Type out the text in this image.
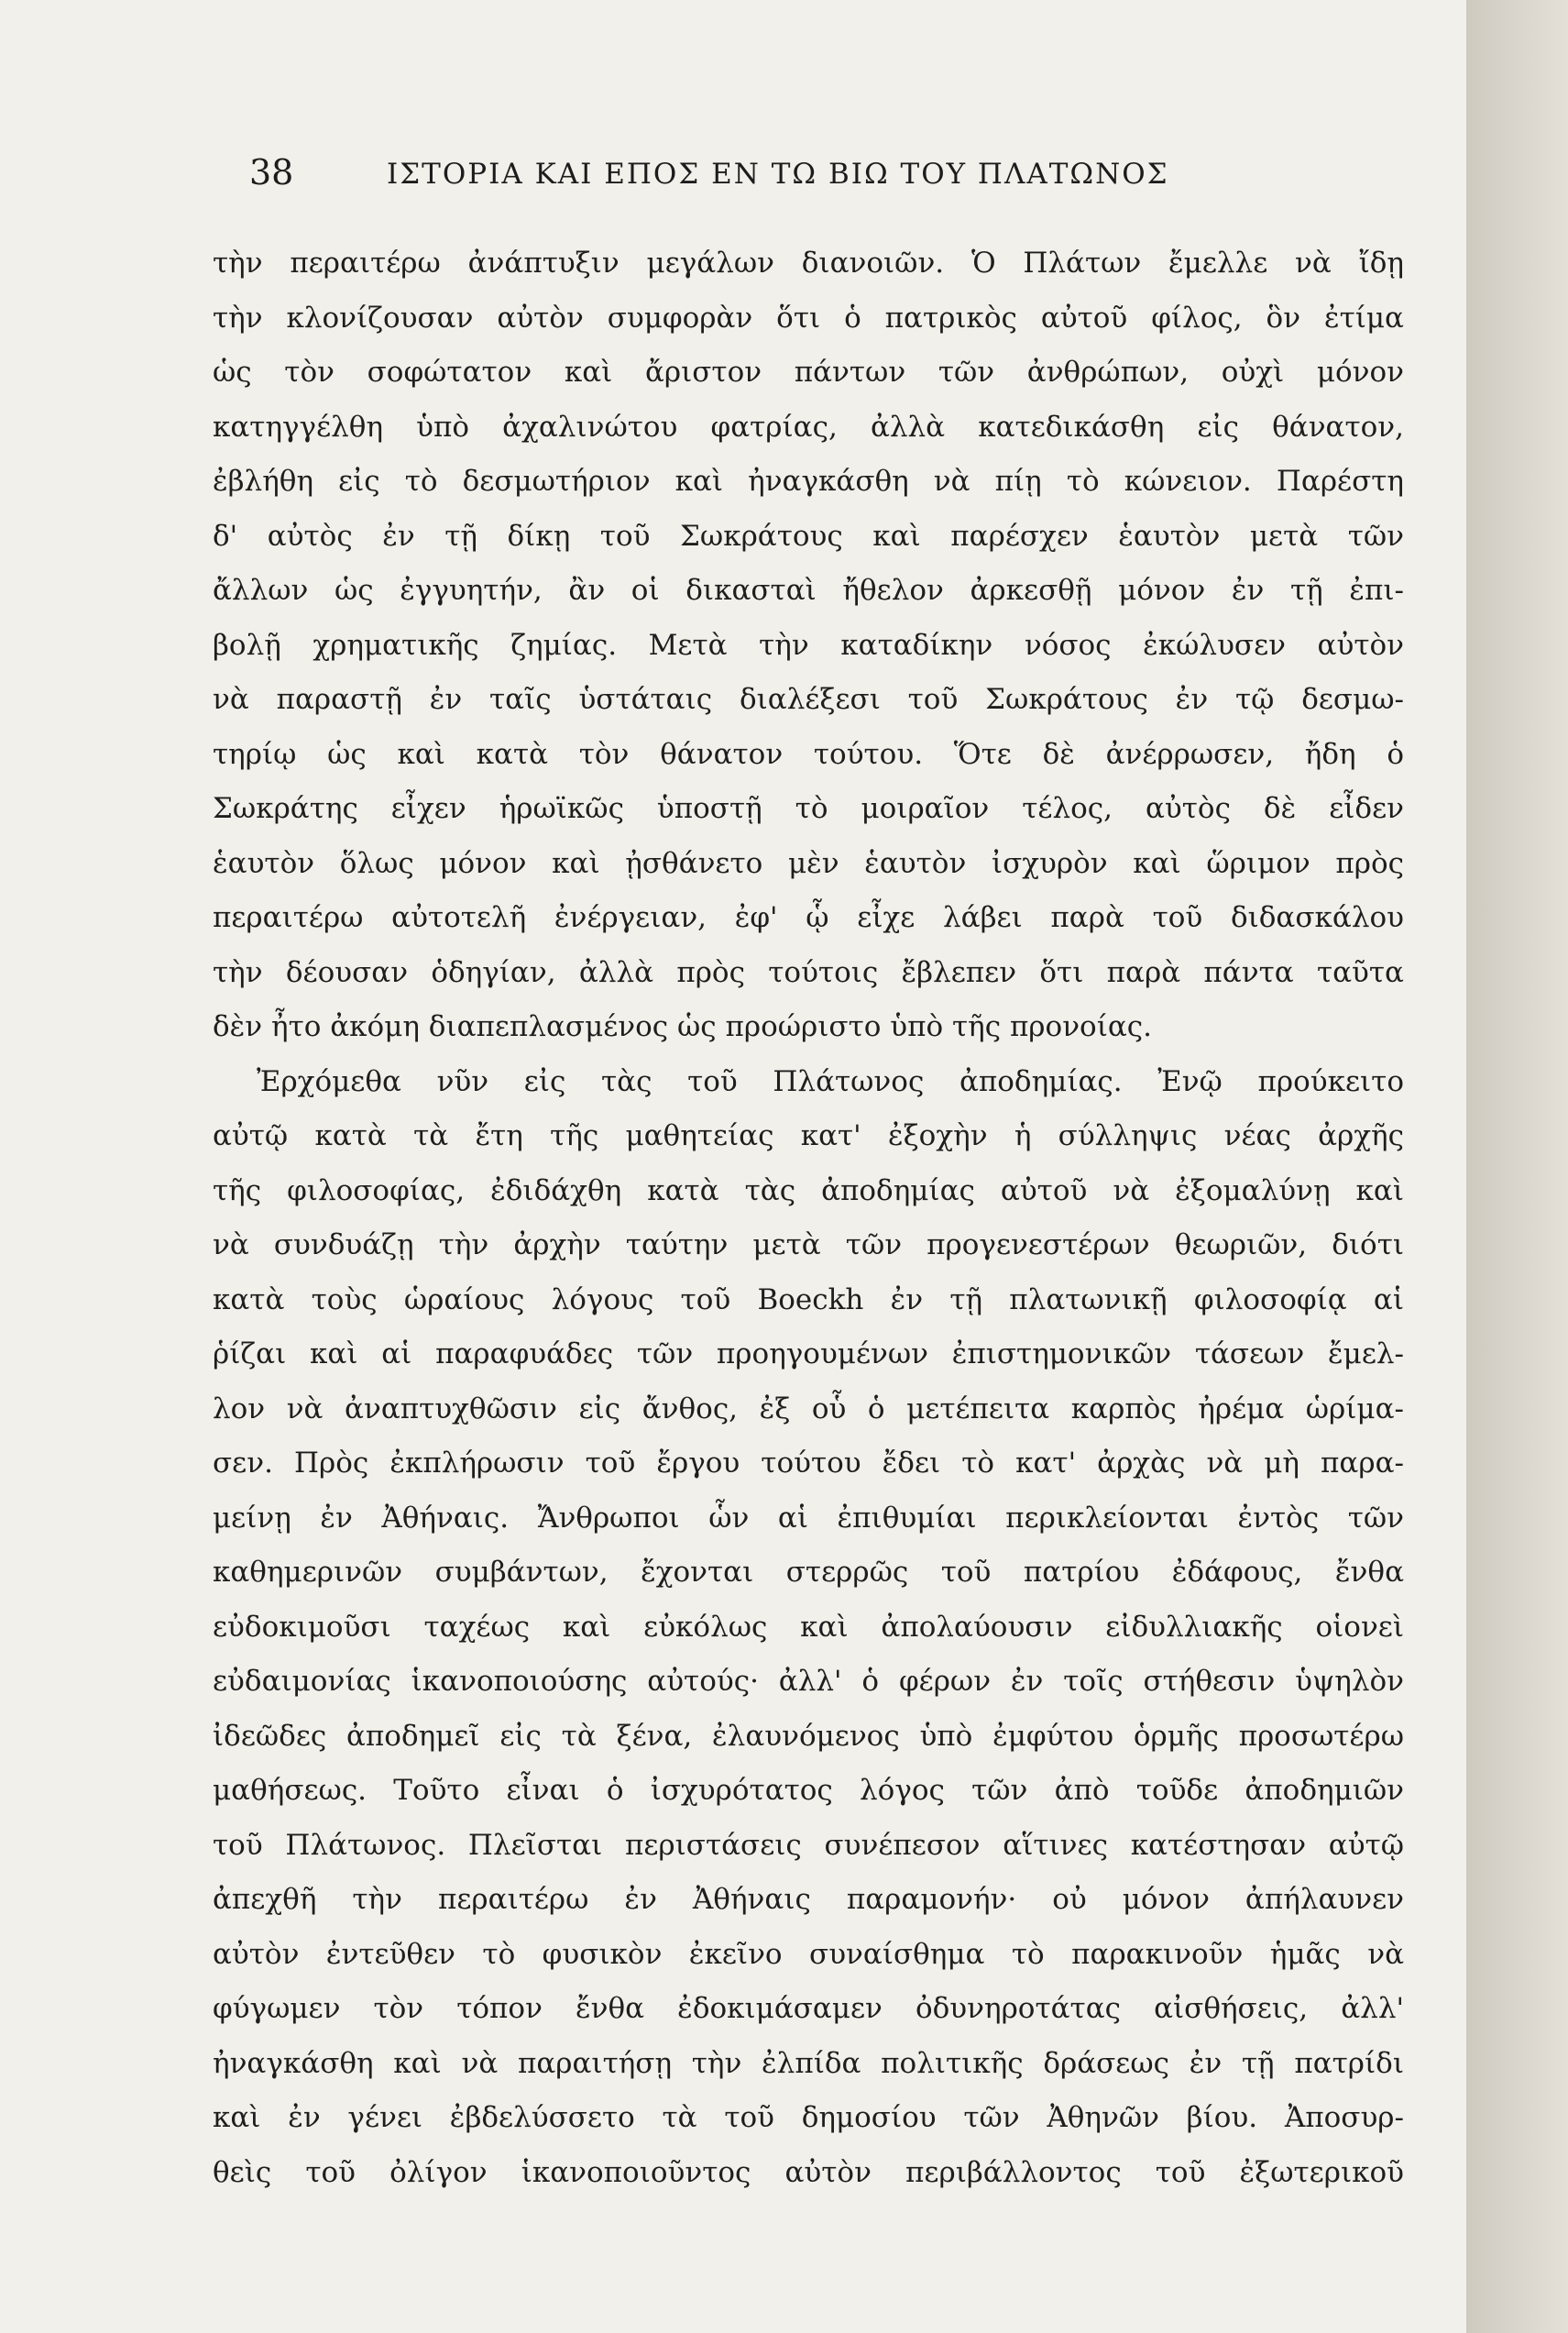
38	ΙΣΤΟΡΙΑ ΚΑΙ ΕΠΟΣ ΕΝ ΤΩ ΒΙΩ ΤΟΥ ΠΛΑΤΩΝΟΣ
τὴν περαιτέρω ἀνάπτυξιν μεγάλων διανοιῶν. Ὁ Πλάτων ἔμελλε νὰ ἴδῃ
τὴν κλονίζουσαν αὐτὸν συμφορὰν ὅτι ὁ πατρικὸς αὐτοῦ φίλος, ὃν ἐτίμα
ὡς τὸν σοφώτατον καὶ ἄριστον πάντων τῶν ἀνθρώπων, οὐχὶ μόνον
κατηγγέλθη ὑπὸ ἀχαλινώτου φατρίας, ἀλλὰ κατεδικάσθη εἰς θάνατον,
ἐβλήθη εἰς τὸ δεσμωτήριον καὶ ἠναγκάσθη νὰ πίῃ τὸ κώνειον. Παρέστη
δ' αὐτὸς ἐν τῇ δίκῃ τοῦ Σωκράτους καὶ παρέσχεν ἑαυτὸν μετὰ τῶν
ἄλλων ὡς ἐγγυητήν, ἂν οἱ δικασταὶ ἤθελον ἀρκεσθῇ μόνον ἐν τῇ ἐπι-
βολῇ χρηματικῆς ζημίας. Μετὰ τὴν καταδίκην νόσος ἐκώλυσεν αὐτὸν
νὰ παραστῇ ἐν ταῖς ὑστάταις διαλέξεσι τοῦ Σωκράτους ἐν τῷ δεσμω-
τηρίῳ ὡς καὶ κατὰ τὸν θάνατον τούτου. Ὅτε δὲ ἀνέρρωσεν, ἤδη ὁ
Σωκράτης εἶχεν ἡρωϊκῶς ὑποστῇ τὸ μοιραῖον τέλος, αὐτὸς δὲ εἶδεν
ἑαυτὸν ὅλως μόνον καὶ ᾐσθάνετο μὲν ἑαυτὸν ἰσχυρὸν καὶ ὥριμον πρὸς
περαιτέρω αὐτοτελῆ ἐνέργειαν, ἐφ' ᾧ εἶχε λάβει παρὰ τοῦ διδασκάλου
τὴν δέουσαν ὁδηγίαν, ἀλλὰ πρὸς τούτοις ἔβλεπεν ὅτι παρὰ πάντα ταῦτα
δὲν ἦτο ἀκόμη διαπεπλασμένος ὡς προώριστο ὑπὸ τῆς προνοίας.
Ἐρχόμεθα νῦν εἰς τὰς τοῦ Πλάτωνος ἀποδημίας. Ἐνῷ προύκειτο
αὐτῷ κατὰ τὰ ἔτη τῆς μαθητείας κατ' ἐξοχὴν ἡ σύλληψις νέας ἀρχῆς
τῆς φιλοσοφίας, ἐδιδάχθη κατὰ τὰς ἀποδημίας αὐτοῦ νὰ ἐξομαλύνῃ καὶ
νὰ συνδυάζῃ τὴν ἀρχὴν ταύτην μετὰ τῶν προγενεστέρων θεωριῶν, διότι
κατὰ τοὺς ὡραίους λόγους τοῦ Boeckh ἐν τῇ πλατωνικῇ φιλοσοφίᾳ αἱ
ῥίζαι καὶ αἱ παραφυάδες τῶν προηγουμένων ἐπιστημονικῶν τάσεων ἔμελ-
λον νὰ ἀναπτυχθῶσιν εἰς ἄνθος, ἐξ οὗ ὁ μετέπειτα καρπὸς ἠρέμα ὡρίμα-
σεν. Πρὸς ἐκπλήρωσιν τοῦ ἔργου τούτου ἔδει τὸ κατ' ἀρχὰς νὰ μὴ παρα-
μείνῃ ἐν Ἀθήναις. Ἄνθρωποι ὧν αἱ ἐπιθυμίαι περικλείονται ἐντὸς τῶν
καθημερινῶν συμβάντων, ἔχονται στερρῶς τοῦ πατρίου ἐδάφους, ἔνθα
εὐδοκιμοῦσι ταχέως καὶ εὐκόλως καὶ ἀπολαύουσιν εἰδυλλιακῆς οἱονεὶ
εὐδαιμονίας ἱκανοποιούσης αὐτούς· ἀλλ' ὁ φέρων ἐν τοῖς στήθεσιν ὑψηλὸν
ἰδεῶδες ἀποδημεῖ εἰς τὰ ξένα, ἐλαυνόμενος ὑπὸ ἐμφύτου ὁρμῆς προσωτέρω
μαθήσεως. Τοῦτο εἶναι ὁ ἰσχυρότατος λόγος τῶν ἀπὸ τοῦδε ἀποδημιῶν
τοῦ Πλάτωνος. Πλεῖσται περιστάσεις συνέπεσον αἵτινες κατέστησαν αὐτῷ
ἀπεχθῆ τὴν περαιτέρω ἐν Ἀθήναις παραμονήν· οὐ μόνον ἀπήλαυνεν
αὐτὸν ἐντεῦθεν τὸ φυσικὸν ἐκεῖνο συναίσθημα τὸ παρακινοῦν ἡμᾶς νὰ
φύγωμεν τὸν τόπον ἔνθα ἐδοκιμάσαμεν ὀδυνηροτάτας αἰσθήσεις, ἀλλ'
ἠναγκάσθη καὶ νὰ παραιτήσῃ τὴν ἐλπίδα πολιτικῆς δράσεως ἐν τῇ πατρίδι
καὶ ἐν γένει ἐβδελύσσετο τὰ τοῦ δημοσίου τῶν Ἀθηνῶν βίου. Ἀποσυρ-
θεὶς τοῦ ὀλίγον ἱκανοποιοῦντος αὐτὸν περιβάλλοντος τοῦ ἐξωτερικοῦ
